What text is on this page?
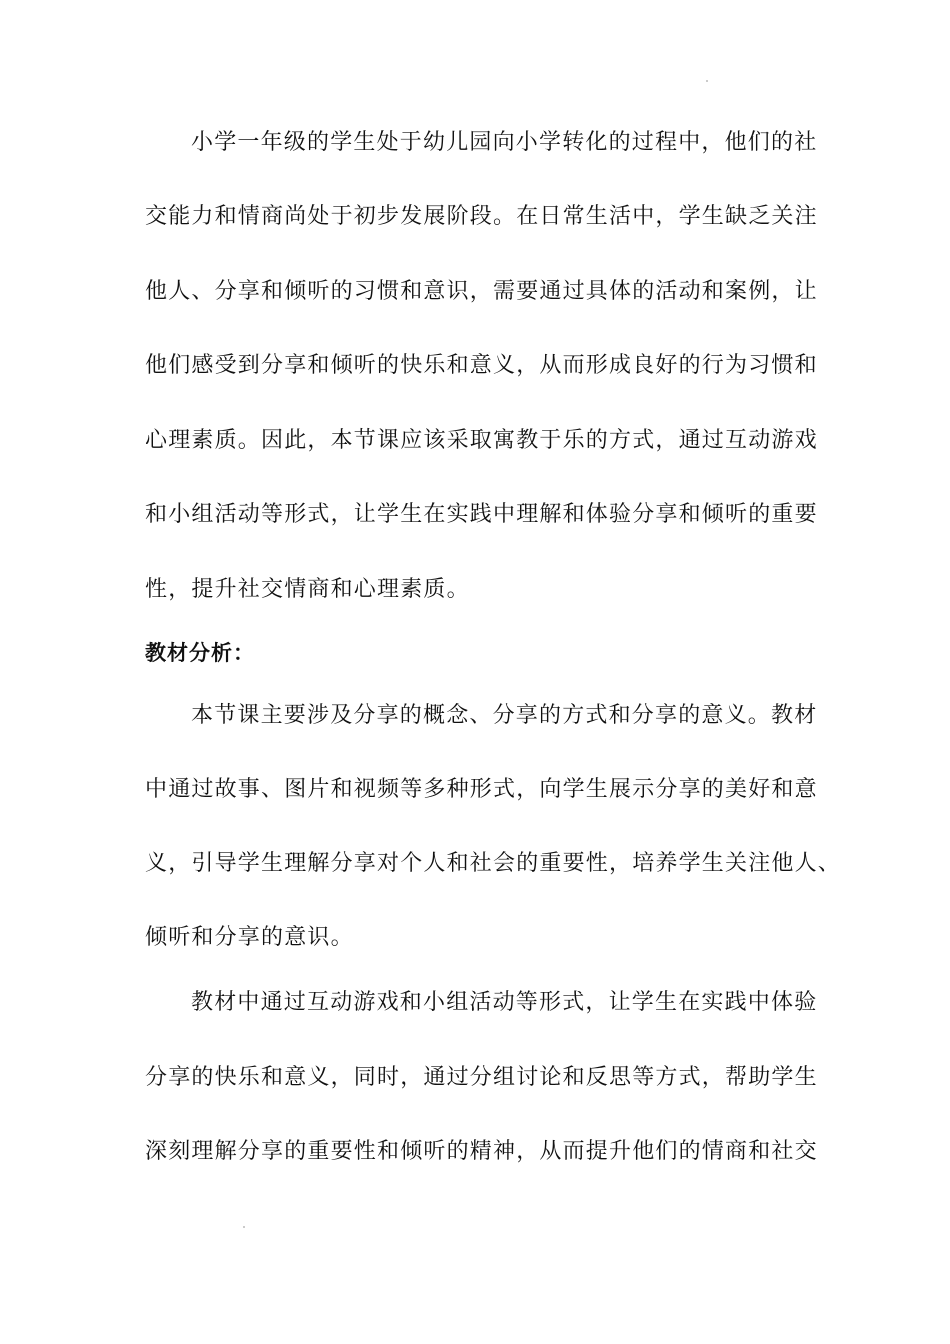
小学一年级的学生处于幼儿园向小学转化的过程中，他们的社
交能力和情商尚处于初步发展阶段。在日常生活中，学生缺乏关注
他人、分享和倾听的习惯和意识，需要通过具体的活动和案例，让
他们感受到分享和倾听的快乐和意义，从而形成良好的行为习惯和
心理素质。因此，本节课应该采取寓教于乐的方式，通过互动游戏
和小组活动等形式，让学生在实践中理解和体验分享和倾听的重要
性，提升社交情商和心理素质。
教材分析：
本节课主要涉及分享的概念、分享的方式和分享的意义。教材
中通过故事、图片和视频等多种形式，向学生展示分享的美好和意
义，引导学生理解分享对个人和社会的重要性，培养学生关注他人、
倾听和分享的意识。
教材中通过互动游戏和小组活动等形式，让学生在实践中体验
分享的快乐和意义，同时，通过分组讨论和反思等方式，帮助学生
深刻理解分享的重要性和倾听的精神，从而提升他们的情商和社交
